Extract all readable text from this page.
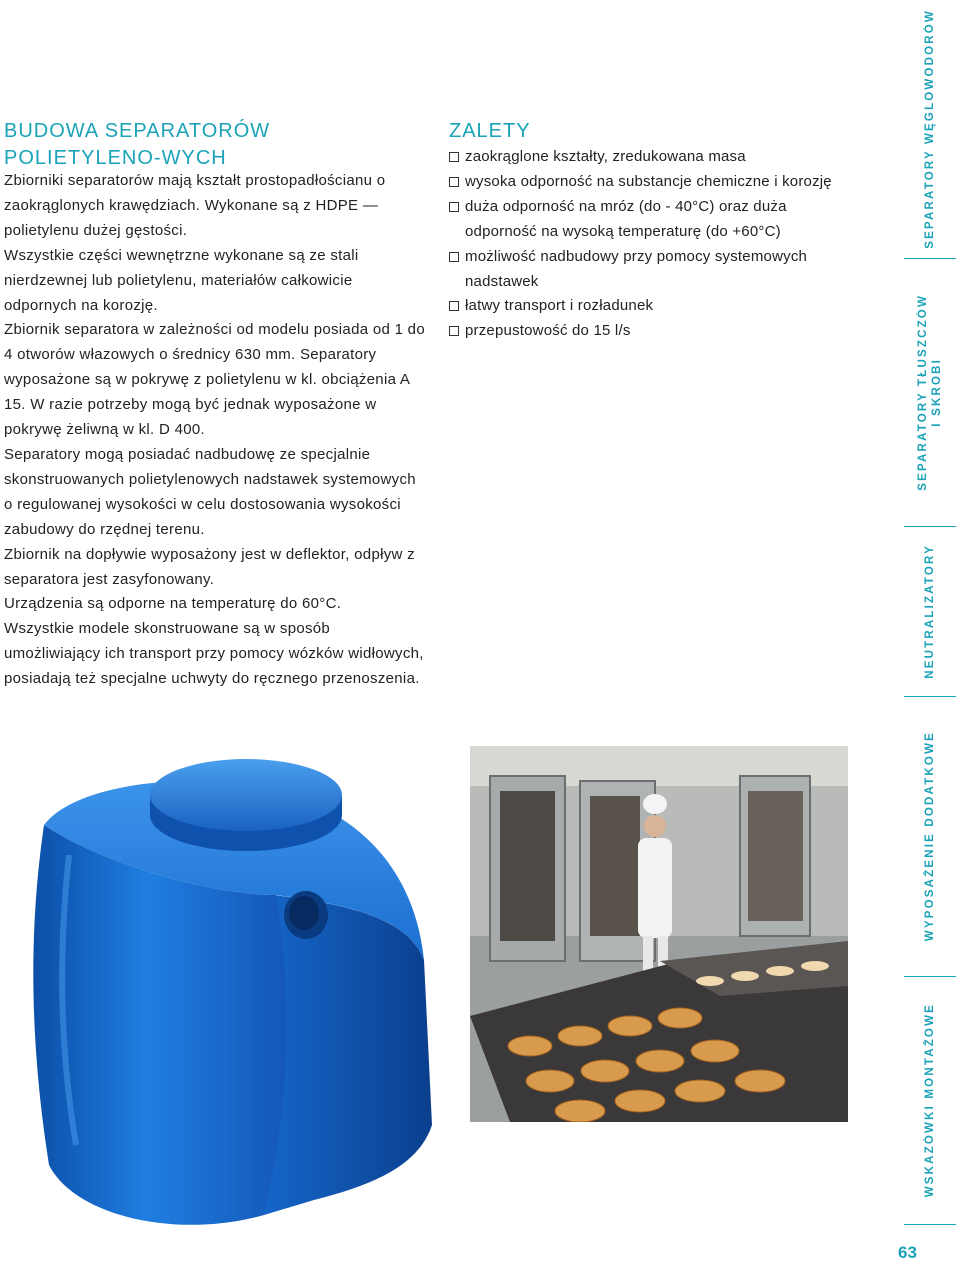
BUDOWA SEPARATORÓW POLIETYLENO-WYCH

Zbiorniki separatorów mają kształt prostopadłościanu o zaokrąglonych krawędziach. Wykonane są z HDPE — polietylenu dużej gęstości.

Wszystkie części wewnętrzne wykonane są ze stali nierdzewnej lub polietylenu, materiałów całkowicie odpornych na korozję.

Zbiornik separatora w zależności od modelu posiada od 1 do 4 otworów włazowych o średnicy 630 mm. Separatory wyposażone są w pokrywę z polietylenu w kl. obciążenia A 15. W razie potrzeby mogą być jednak wyposażone w pokrywę żeliwną w kl. D 400.

Separatory mogą posiadać nadbudowę ze specjalnie skonstruowanych polietylenowych nadstawek systemowych o regulowanej wysokości w celu dostosowania wysokości zabudowy do rzędnej terenu.

Zbiornik na dopływie wyposażony jest w deflektor, odpływ z separatora jest zasyfonowany.

Urządzenia są odporne na temperaturę do 60°C.

Wszystkie modele skonstruowane są w sposób umożliwiający ich transport przy pomocy wózków widłowych, posiadają też specjalne uchwyty do ręcznego przenoszenia.

ZALETY
zaokrąglone kształty, zredukowana masa
wysoka odporność na substancje chemiczne i korozję
duża odporność na mróz (do - 40°C) oraz duża odporność na wysoką temperaturę (do +60°C)
możliwość nadbudowy przy pomocy systemowych nadstawek
łatwy transport i rozładunek
przepustowość do 15 l/s
SEPARATORY WĘGLOWODORÓW
SEPARATORY TŁUSZCZÓW
I SKROBI
NEUTRALIZATORY
WYPOSAŻENIE DODATKOWE
WSKAZÓWKI MONTAŻOWE
63
